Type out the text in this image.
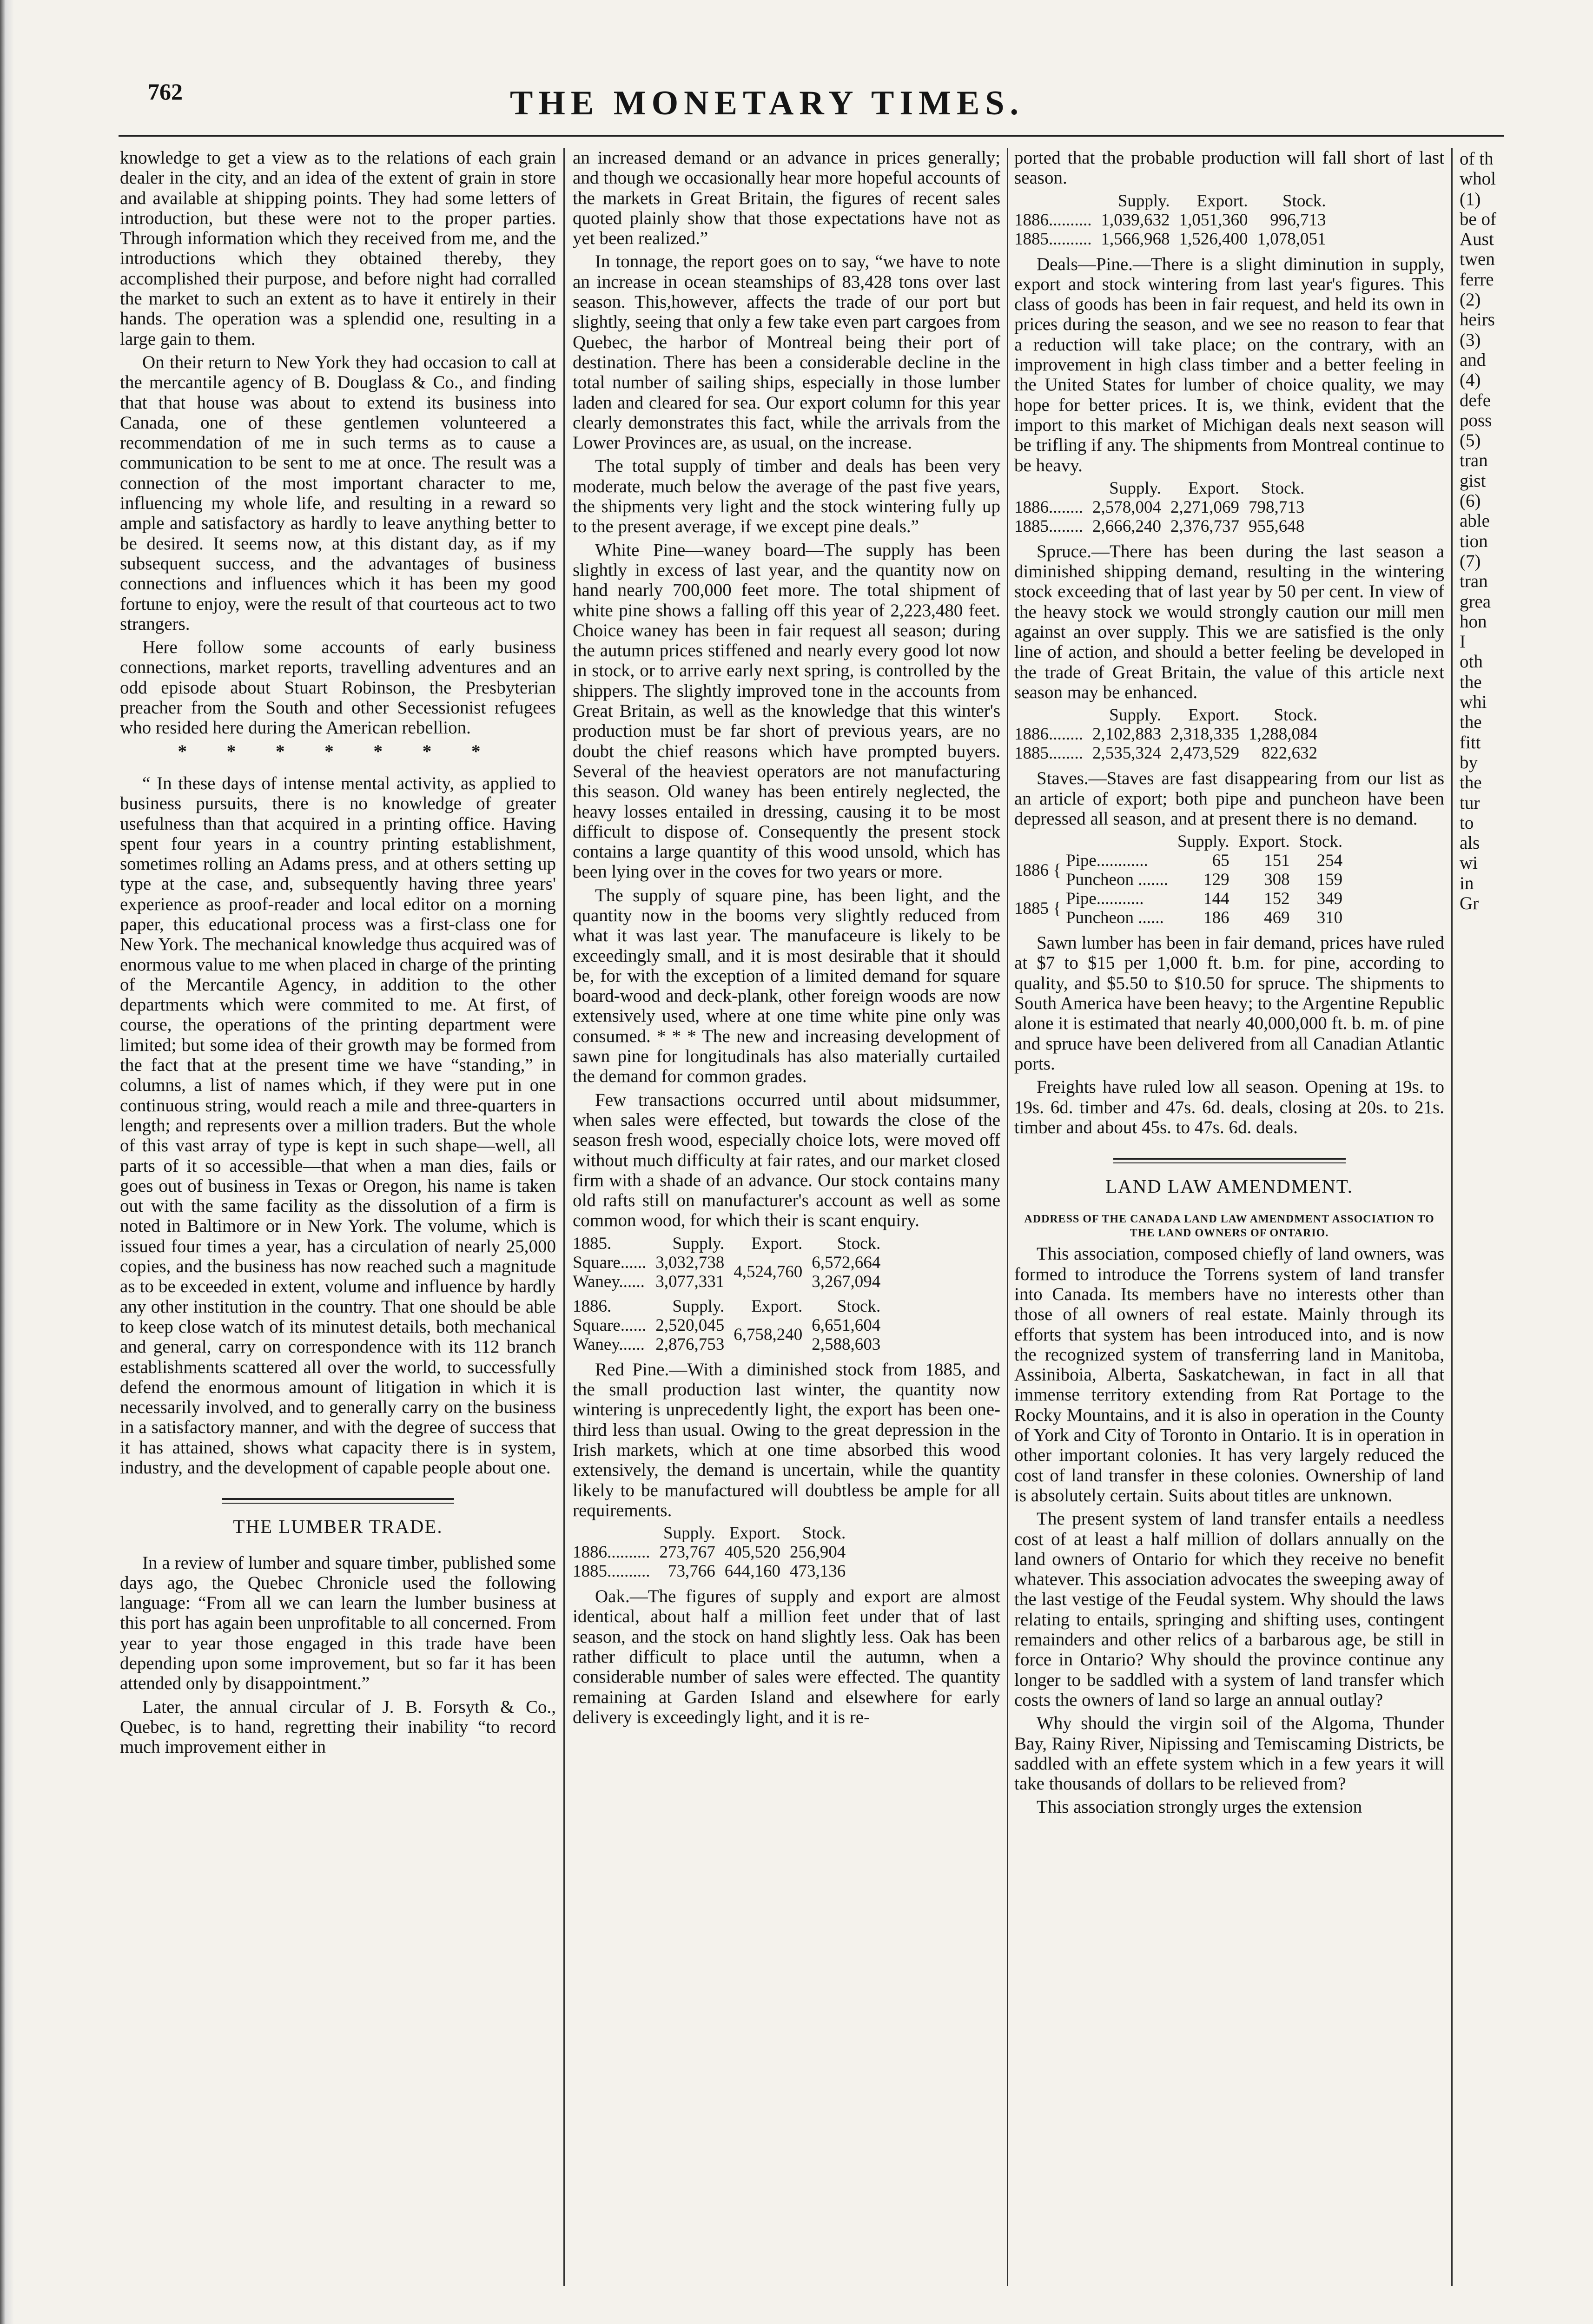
762	THE MONETARY TIMES.

knowledge to get a view as to the relations of each grain dealer in the city, and an idea of the extent of grain in store and available at shipping points. They had some letters of introduction, but these were not to the proper parties. Through information which they received from me, and the introductions which they obtained thereby, they accomplished their purpose, and before night had corralled the market to such an extent as to have it entirely in their hands. The operation was a splendid one, resulting in a large gain to them.

On their return to New York they had occasion to call at the mercantile agency of B. Douglass & Co., and finding that that house was about to extend its business into Canada, one of these gentlemen volunteered a recommendation of me in such terms as to cause a communication to be sent to me at once. The result was a connection of the most important character to me, influencing my whole life, and resulting in a reward so ample and satisfactory as hardly to leave anything better to be desired. It seems now, at this distant day, as if my subsequent success, and the advantages of business connections and influences which it has been my good fortune to enjoy, were the result of that courteous act to two strangers.

Here follow some accounts of early business connections, market reports, travelling adventures and an odd episode about Stuart Robinson, the Presbyterian preacher from the South and other Secessionist refugees who resided here during the American rebellion.

* * * * * * *

“ In these days of intense mental activity, as applied to business pursuits, there is no knowledge of greater usefulness than that acquired in a printing office. Having spent four years in a country printing establishment, sometimes rolling an Adams press, and at others setting up type at the case, and, subsequently having three years' experience as proof-reader and local editor on a morning paper, this educational process was a first-class one for New York. The mechanical knowledge thus acquired was of enormous value to me when placed in charge of the printing of the Mercantile Agency, in addition to the other departments which were commited to me. At first, of course, the operations of the printing department were limited; but some idea of their growth may be formed from the fact that at the present time we have “standing,” in columns, a list of names which, if they were put in one continuous string, would reach a mile and three-quarters in length; and represents over a million traders. But the whole of this vast array of type is kept in such shape—well, all parts of it so accessible—that when a man dies, fails or goes out of business in Texas or Oregon, his name is taken out with the same facility as the dissolution of a firm is noted in Baltimore or in New York. The volume, which is issued four times a year, has a circulation of nearly 25,000 copies, and the business has now reached such a magnitude as to be exceeded in extent, volume and influence by hardly any other institution in the country. That one should be able to keep close watch of its minutest details, both mechanical and general, carry on correspondence with its 112 branch establishments scattered all over the world, to successfully defend the enormous amount of litigation in which it is necessarily involved, and to generally carry on the business in a satisfactory manner, and with the degree of success that it has attained, shows what capacity there is in system, industry, and the development of capable people about one.

THE LUMBER TRADE.

In a review of lumber and square timber, published some days ago, the Quebec Chronicle used the following language: “From all we can learn the lumber business at this port has again been unprofitable to all concerned. From year to year those engaged in this trade have been depending upon some improvement, but so far it has been attended only by disappointment.”

Later, the annual circular of J. B. Forsyth & Co., Quebec, is to hand, regretting their inability “to record much improvement either in

an increased demand or an advance in prices generally; and though we occasionally hear more hopeful accounts of the markets in Great Britain, the figures of recent sales quoted plainly show that those expectations have not as yet been realized.”

In tonnage, the report goes on to say, “we have to note an increase in ocean steamships of 83,428 tons over last season. This,however, affects the trade of our port but slightly, seeing that only a few take even part cargoes from Quebec, the harbor of Montreal being their port of destination. There has been a considerable decline in the total number of sailing ships, especially in those lumber laden and cleared for sea. Our export column for this year clearly demonstrates this fact, while the arrivals from the Lower Provinces are, as usual, on the increase.

The total supply of timber and deals has been very moderate, much below the average of the past five years, the shipments very light and the stock wintering fully up to the present average, if we except pine deals.”

White Pine—waney board—The supply has been slightly in excess of last year, and the quantity now on hand nearly 700,000 feet more. The total shipment of white pine shows a falling off this year of 2,223,480 feet. Choice waney has been in fair request all season; during the autumn prices stiffened and nearly every good lot now in stock, or to arrive early next spring, is controlled by the shippers. The slightly improved tone in the accounts from Great Britain, as well as the knowledge that this winter's production must be far short of previous years, are no doubt the chief reasons which have prompted buyers. Several of the heaviest operators are not manufacturing this season. Old waney has been entirely neglected, the heavy losses entailed in dressing, causing it to be most difficult to dispose of. Consequently the present stock contains a large quantity of this wood unsold, which has been lying over in the coves for two years or more.

The supply of square pine, has been light, and the quantity now in the booms very slightly reduced from what it was last year. The manufaceure is likely to be exceedingly small, and it is most desirable that it should be, for with the exception of a limited demand for square board-wood and deck-plank, other foreign woods are now extensively used, where at one time white pine only was consumed. * * * The new and increasing development of sawn pine for longitudinals has also materially curtailed the demand for common grades.

Few transactions occurred until about midsummer, when sales were effected, but towards the close of the season fresh wood, especially choice lots, were moved off without much difficulty at fair rates, and our market closed firm with a shade of an advance. Our stock contains many old rafts still on manufacturer's account as well as some common wood, for which their is scant enquiry.

1885.	Supply.	Export.	Stock.
Square......	3,032,738	4,524,760	6,572,664
Waney......	3,077,331		3,267,094
1886.	Supply.	Export.	Stock.
Square......	2,520,045	6,758,240	6,651,604
Waney......	2,876,753		2,588,603

Red Pine.—With a diminished stock from 1885, and the small production last winter, the quantity now wintering is unprecedently light, the export has been one-third less than usual. Owing to the great depression in the Irish markets, which at one time absorbed this wood extensively, the demand is uncertain, while the quantity likely to be manufactured will doubtless be ample for all requirements.

	Supply.	Export.	Stock.
1886..........	273,767	405,520	256,904
1885..........	73,766	644,160	473,136

Oak.—The figures of supply and export are almost identical, about half a million feet under that of last season, and the stock on hand slightly less. Oak has been rather difficult to place until the autumn, when a considerable number of sales were effected. The quantity remaining at Garden Island and elsewhere for early delivery is exceedingly light, and it is re-

ported that the probable production will fall short of last season.

	Supply.	Export.	Stock.
1886..........	1,039,632	1,051,360	996,713
1885..........	1,566,968	1,526,400	1,078,051

Deals—Pine.—There is a slight diminution in supply, export and stock wintering from last year's figures. This class of goods has been in fair request, and held its own in prices during the season, and we see no reason to fear that a reduction will take place; on the contrary, with an improvement in high class timber and a better feeling in the United States for lumber of choice quality, we may hope for better prices. It is, we think, evident that the import to this market of Michigan deals next season will be trifling if any. The shipments from Montreal continue to be heavy.

	Supply.	Export.	Stock.
1886........	2,578,004	2,271,069	798,713
1885........	2,666,240	2,376,737	955,648

Spruce.—There has been during the last season a diminished shipping demand, resulting in the wintering stock exceeding that of last year by 50 per cent. In view of the heavy stock we would strongly caution our mill men against an over supply. This we are satisfied is the only line of action, and should a better feeling be developed in the trade of Great Britain, the value of this article next season may be enhanced.

	Supply.	Export.	Stock.
1886........	2,102,883	2,318,335	1,288,084
1885........	2,535,324	2,473,529	822,632

Staves.—Staves are fast disappearing from our list as an article of export; both pipe and puncheon have been depressed all season, and at present there is no demand.

		Supply.	Export.	Stock.
1886 {	Pipe............	65	151	254
	Puncheon .......	129	308	159
1885 {	Pipe...........	144	152	349
	Puncheon ......	186	469	310

Sawn lumber has been in fair demand, prices have ruled at $7 to $15 per 1,000 ft. b.m. for pine, according to quality, and $5.50 to $10.50 for spruce. The shipments to South America have been heavy; to the Argentine Republic alone it is estimated that nearly 40,000,000 ft. b. m. of pine and spruce have been delivered from all Canadian Atlantic ports.

Freights have ruled low all season. Opening at 19s. to 19s. 6d. timber and 47s. 6d. deals, closing at 20s. to 21s. timber and about 45s. to 47s. 6d. deals.

LAND LAW AMENDMENT.
ADDRESS OF THE CANADA LAND LAW AMENDMENT ASSOCIATION TO THE LAND OWNERS OF ONTARIO.

This association, composed chiefly of land owners, was formed to introduce the Torrens system of land transfer into Canada. Its members have no interests other than those of all owners of real estate. Mainly through its efforts that system has been introduced into, and is now the recognized system of transferring land in Manitoba, Assiniboia, Alberta, Saskatchewan, in fact in all that immense territory extending from Rat Portage to the Rocky Mountains, and it is also in operation in the County of York and City of Toronto in Ontario. It is in operation in other important colonies. It has very largely reduced the cost of land transfer in these colonies. Ownership of land is absolutely certain. Suits about titles are unknown.

The present system of land transfer entails a needless cost of at least a half million of dollars annually on the land owners of Ontario for which they receive no benefit whatever. This association advocates the sweeping away of the last vestige of the Feudal system. Why should the laws relating to entails, springing and shifting uses, contingent remainders and other relics of a barbarous age, be still in force in Ontario? Why should the province continue any longer to be saddled with a system of land transfer which costs the owners of land so large an annual outlay?

Why should the virgin soil of the Algoma, Thunder Bay, Rainy River, Nipissing and Temiscaming Districts, be saddled with an effete system which in a few years it will take thousands of dollars to be relieved from?

This association strongly urges the extension

of th
whol
(1)
be of
Aust
twen
ferre
(2)
heirs
(3)
and
(4)
defe
poss
(5)
tran
gist
(6)
able
tion
(7)
tran
grea
hon
I
oth
the
whi
the
fitt
by
the
tur
to
als
wi
in
Gr
